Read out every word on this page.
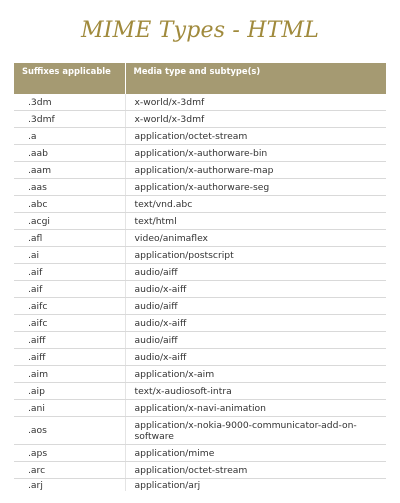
MIME Types - HTML
Suffixes applicable	Media type and subtype(s)
.3dm	x-world/x-3dmf
.3dmf	x-world/x-3dmf
.a	application/octet-stream
.aab	application/x-authorware-bin
.aam	application/x-authorware-map
.aas	application/x-authorware-seg
.abc	text/vnd.abc
.acgi	text/html
.afl	video/animaflex
.ai	application/postscript
.aif	audio/aiff
.aif	audio/x-aiff
.aifc	audio/aiff
.aifc	audio/x-aiff
.aiff	audio/aiff
.aiff	audio/x-aiff
.aim	application/x-aim
.aip	text/x-audiosoft-intra
.ani	application/x-navi-animation
.aos	application/x-nokia-9000-communicator-add-on-software
.aps	application/mime
.arc	application/octet-stream
.arj	application/arj
